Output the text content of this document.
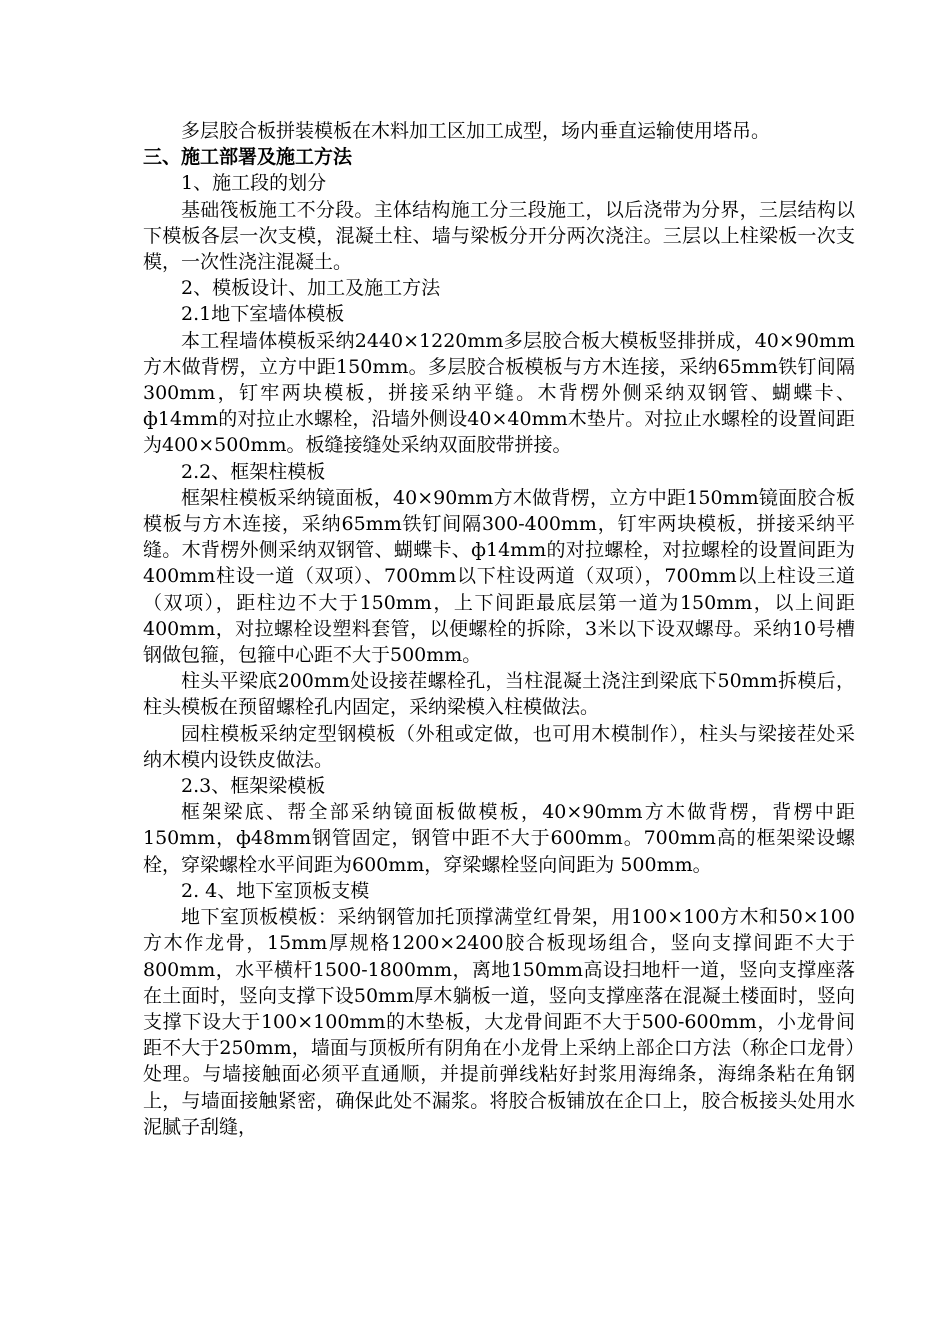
多层胶合板拼装模板在木料加工区加工成型，场内垂直运输使用塔吊。

三、施工部署及施工方法

1、施工段的划分

基础筏板施工不分段。主体结构施工分三段施工，以后浇带为分界，三层结构以下模板各层一次支模，混凝土柱、墙与梁板分开分两次浇注。三层以上柱梁板一次支模，一次性浇注混凝土。

2、模板设计、加工及施工方法

2.1地下室墙体模板

本工程墙体模板采纳2440×1220mm多层胶合板大模板竖排拼成，40×90mm方木做背楞，立方中距150mm。多层胶合板模板与方木连接，采纳65mm铁钉间隔300mm，钉牢两块模板，拼接采纳平缝。木背楞外侧采纳双钢管、蝴蝶卡、ф14mm的对拉止水螺栓，沿墙外侧设40×40mm木垫片。对拉止水螺栓的设置间距为400×500mm。板缝接缝处采纳双面胶带拼接。

2.2、框架柱模板

框架柱模板采纳镜面板，40×90mm方木做背楞，立方中距150mm镜面胶合板模板与方木连接，采纳65mm铁钉间隔300-400mm，钉牢两块模板，拼接采纳平缝。木背楞外侧采纳双钢管、蝴蝶卡、ф14mm的对拉螺栓，对拉螺栓的设置间距为400mm柱设一道（双项）、700mm以下柱设两道（双项），700mm以上柱设三道（双项），距柱边不大于150mm，上下间距最底层第一道为150mm，以上间距400mm，对拉螺栓设塑料套管，以便螺栓的拆除，3米以下设双螺母。采纳10号槽钢做包箍，包箍中心距不大于500mm。

柱头平梁底200mm处设接茬螺栓孔，当柱混凝土浇注到梁底下50mm拆模后，柱头模板在预留螺栓孔内固定，采纳梁模入柱模做法。

园柱模板采纳定型钢模板（外租或定做，也可用木模制作），柱头与梁接茬处采纳木模内设铁皮做法。

2.3、框架梁模板

框架梁底、帮全部采纳镜面板做模板，40×90mm方木做背楞，背楞中距150mm，ф48mm钢管固定，钢管中距不大于600mm。700mm高的框架梁设螺栓，穿梁螺栓水平间距为600mm，穿梁螺栓竖向间距为 500mm。

2. 4、地下室顶板支模

地下室顶板模板：采纳钢管加托顶撑满堂红骨架，用100×100方木和50×100方木作龙骨，15mm厚规格1200×2400胶合板现场组合，竖向支撑间距不大于800mm，水平横杆1500-1800mm，离地150mm高设扫地杆一道，竖向支撑座落在土面时，竖向支撑下设50mm厚木躺板一道，竖向支撑座落在混凝土楼面时，竖向支撑下设大于100×100mm的木垫板，大龙骨间距不大于500-600mm，小龙骨间距不大于250mm，墙面与顶板所有阴角在小龙骨上采纳上部企口方法（称企口龙骨）处理。与墙接触面必须平直通顺，并提前弹线粘好封浆用海绵条，海绵条粘在角钢上，与墙面接触紧密，确保此处不漏浆。将胶合板铺放在企口上，胶合板接头处用水泥腻子刮缝，
